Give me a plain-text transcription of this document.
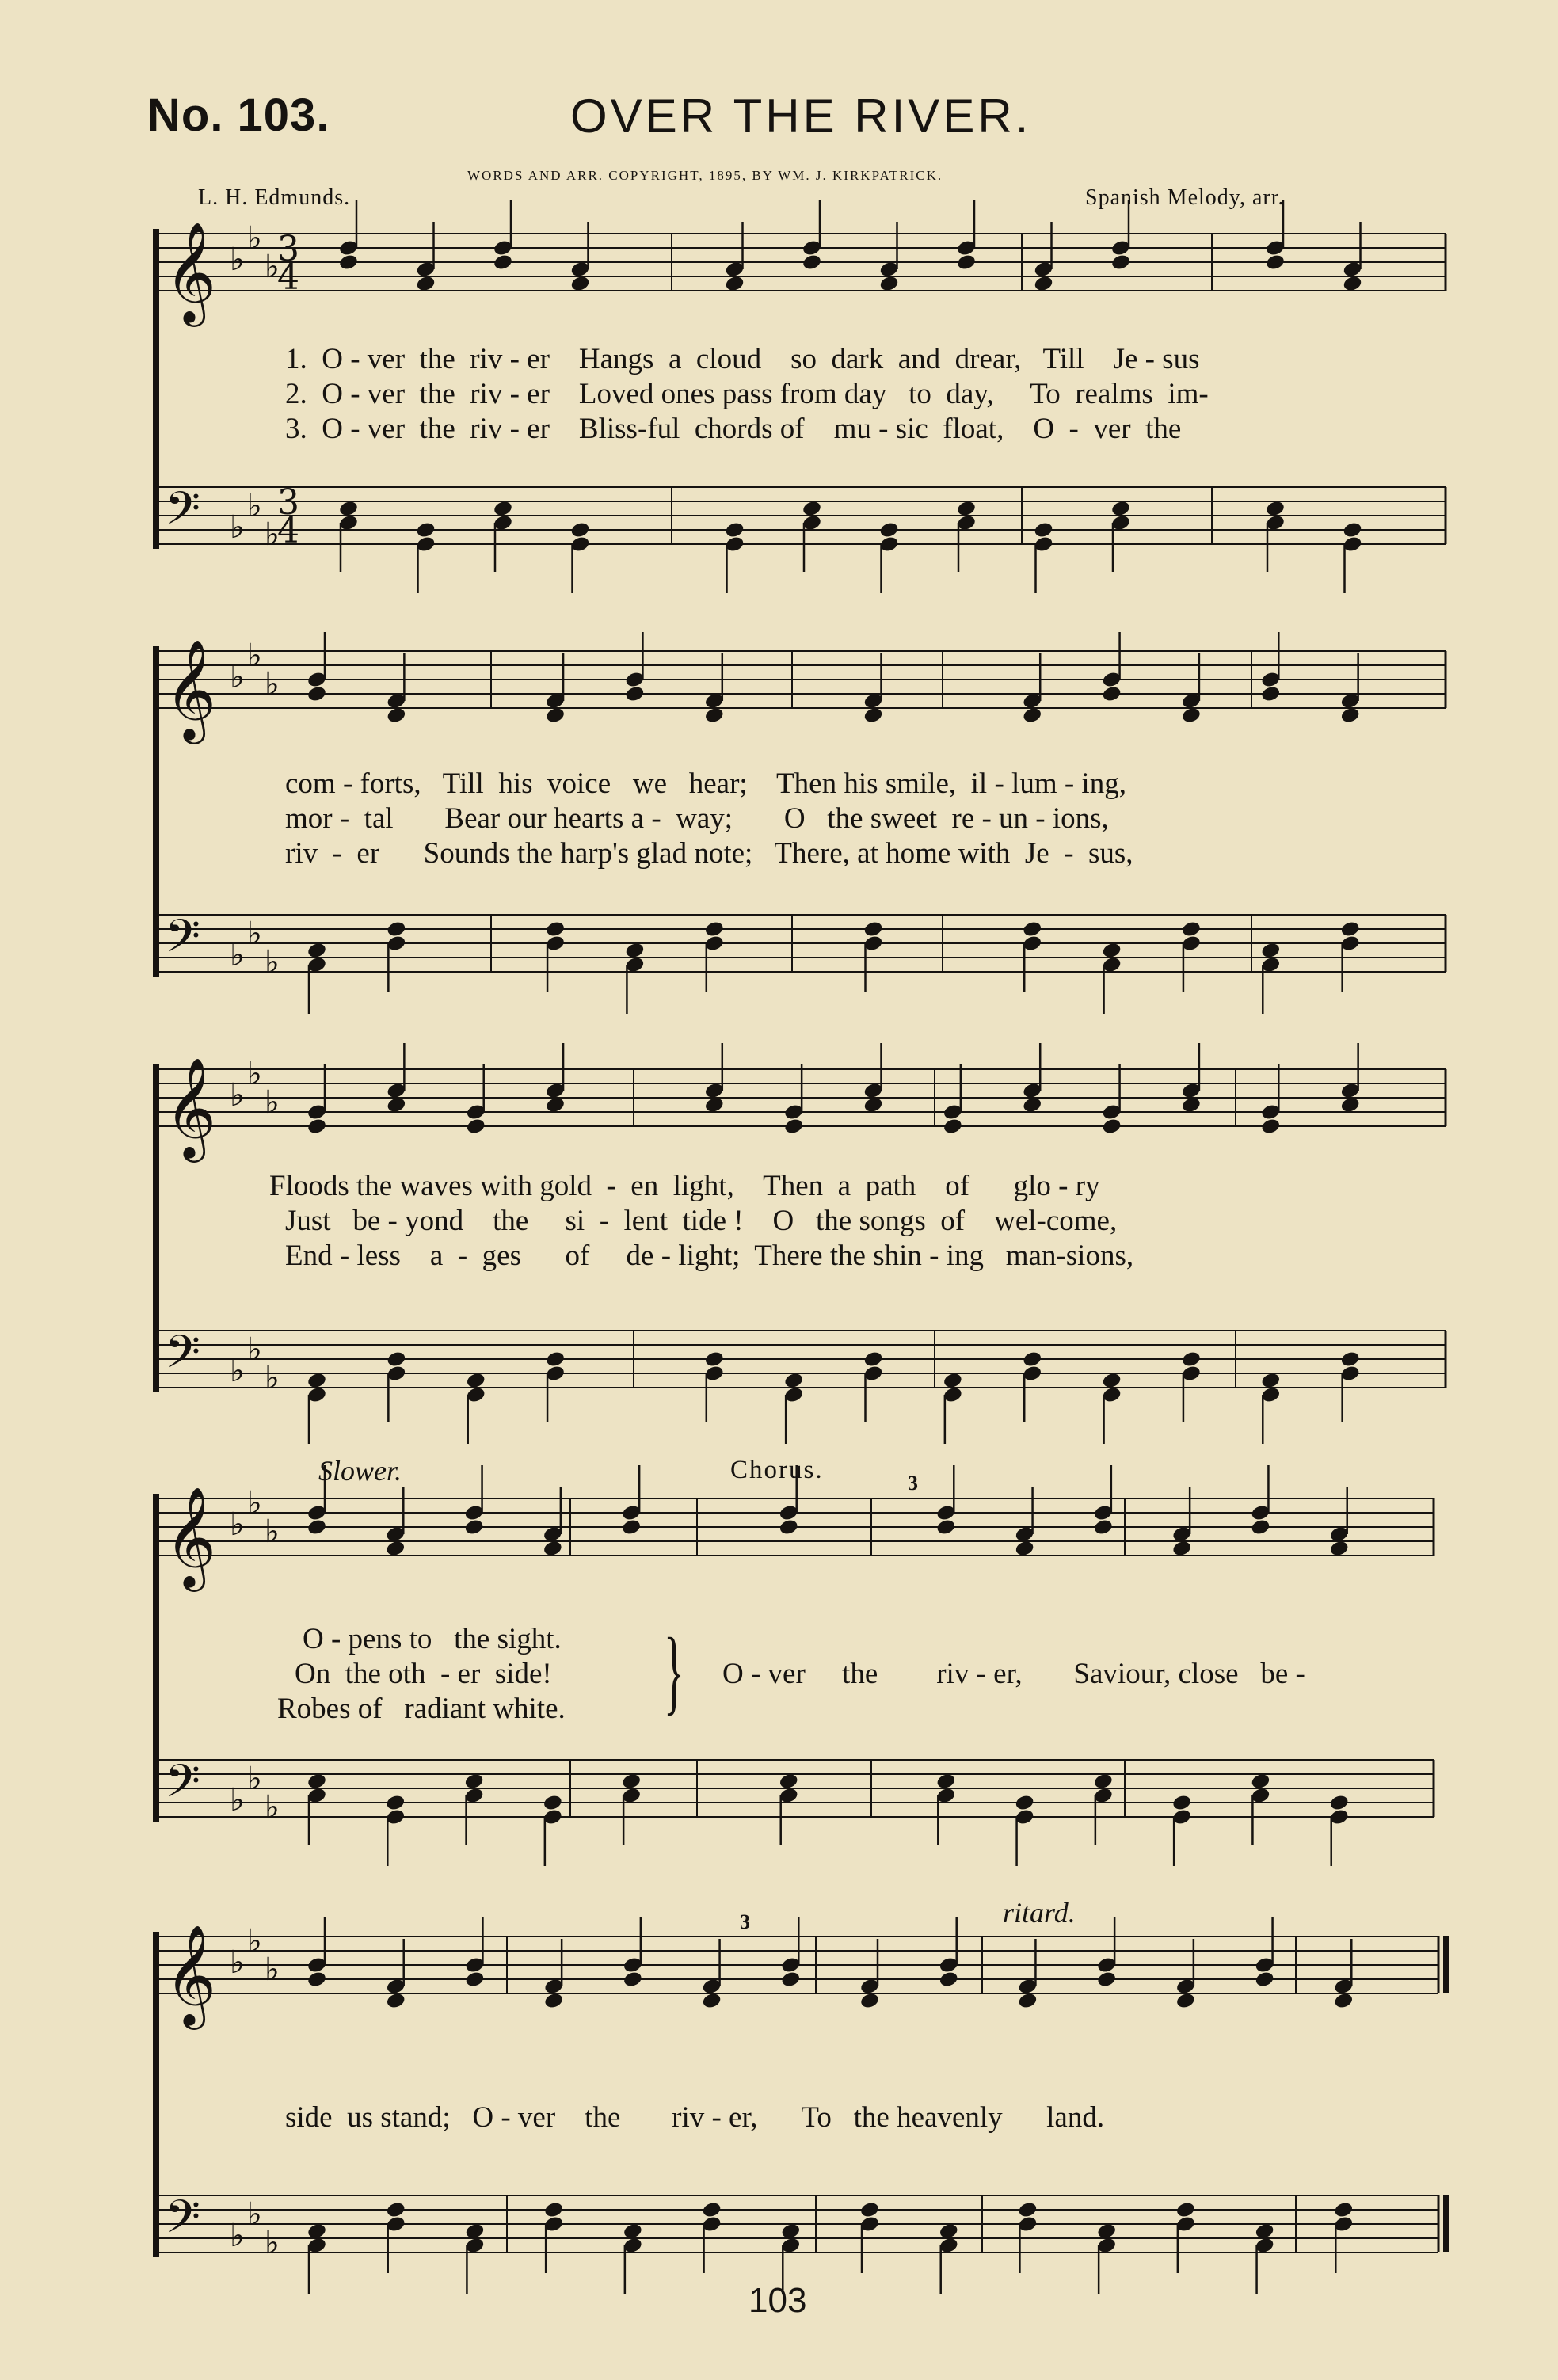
No. 103.	OVER THE RIVER.
WORDS AND ARR. COPYRIGHT, 1895, BY WM. J. KIRKPATRICK.
L. H. Edmunds.	Spanish Melody, arr.
𝄞 ♭
♭
♭
3
4
𝄢 ♭
♭
♭
3
4
𝄞 ♭
♭
♭
𝄢 ♭
♭
♭
𝄞 ♭
♭
♭
𝄢 ♭
♭
♭
𝄞 ♭
♭
♭
𝄢 ♭
♭
♭
𝄞 ♭
♭
♭
𝄢 ♭
♭
♭
1.  O - ver  the  riv - er    Hangs  a  cloud    so  dark  and  drear,   Till    Je - sus
2.  O - ver  the  riv - er    Loved ones pass from day   to  day,     To  realms  im-
3.  O - ver  the  riv - er    Bliss-ful  chords of    mu - sic  float,    O  -  ver  the
com - forts,   Till  his  voice   we   hear;    Then his smile,  il - lum - ing,
mor -  tal       Bear our hearts a -  way;       O   the sweet  re - un - ions,
riv  -  er      Sounds the harp's glad note;   There, at home with  Je  -  sus,
Floods the waves with gold  -  en  light,    Then  a  path    of      glo - ry
Just   be - yond    the     si  -  lent  tide !    O   the songs  of    wel-come,
End - less    a  -  ges      of     de - light;  There the shin - ing   man-sions,
Slower.	Chorus.	3
O - pens to   the sight.
On  the oth  - er  side!
Robes of   radiant white. } O - ver     the        riv - er,       Saviour, close   be -
ritard.
3
side  us stand;   O - ver    the       riv - er,      To   the heavenly      land.
103
